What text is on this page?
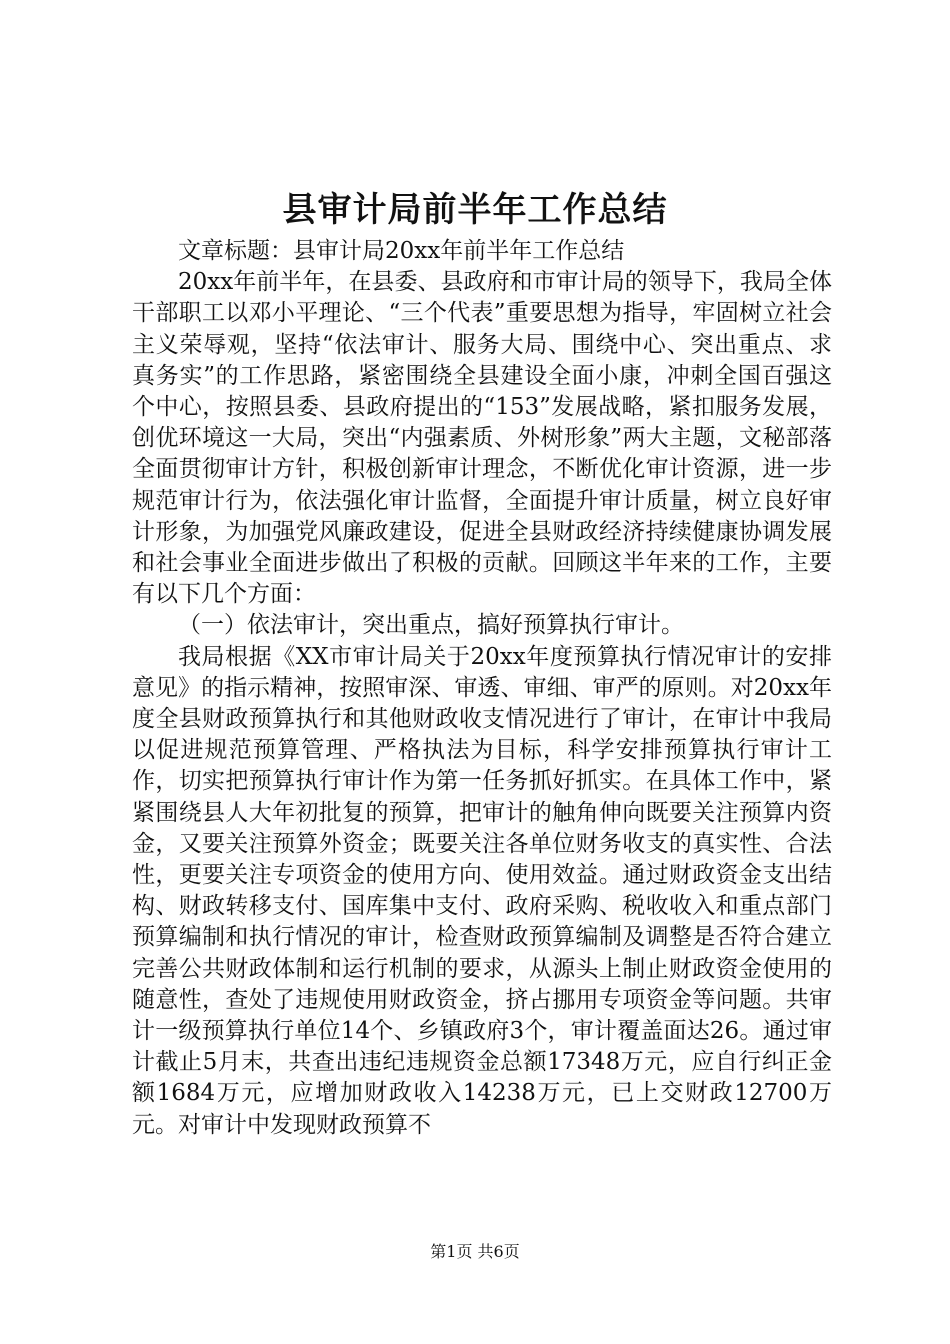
县审计局前半年工作总结

文章标题：县审计局20xx年前半年工作总结

20xx年前半年，在县委、县政府和市审计局的领导下，我局全体干部职工以邓小平理论、“三个代表”重要思想为指导，牢固树立社会主义荣辱观，坚持“依法审计、服务大局、围绕中心、突出重点、求真务实”的工作思路，紧密围绕全县建设全面小康，冲刺全国百强这个中心，按照县委、县政府提出的“153”发展战略，紧扣服务发展，创优环境这一大局，突出“内强素质、外树形象”两大主题，文秘部落全面贯彻审计方针，积极创新审计理念，不断优化审计资源，进一步规范审计行为，依法强化审计监督，全面提升审计质量，树立良好审计形象，为加强党风廉政建设，促进全县财政经济持续健康协调发展和社会事业全面进步做出了积极的贡献。回顾这半年来的工作，主要有以下几个方面：

（一）依法审计，突出重点，搞好预算执行审计。

我局根据《XX市审计局关于20xx年度预算执行情况审计的安排意见》的指示精神，按照审深、审透、审细、审严的原则。对20xx年度全县财政预算执行和其他财政收支情况进行了审计，在审计中我局以促进规范预算管理、严格执法为目标，科学安排预算执行审计工作，切实把预算执行审计作为第一任务抓好抓实。在具体工作中，紧紧围绕县人大年初批复的预算，把审计的触角伸向既要关注预算内资金，又要关注预算外资金；既要关注各单位财务收支的真实性、合法性，更要关注专项资金的使用方向、使用效益。通过财政资金支出结构、财政转移支付、国库集中支付、政府采购、税收收入和重点部门预算编制和执行情况的审计，检查财政预算编制及调整是否符合建立完善公共财政体制和运行机制的要求，从源头上制止财政资金使用的随意性，查处了违规使用财政资金，挤占挪用专项资金等问题。共审计一级预算执行单位14个、乡镇政府3个，审计覆盖面达26。通过审计截止5月末，共查出违纪违规资金总额17348万元，应自行纠正金额1684万元，应增加财政收入14238万元，已上交财政12700万元。对审计中发现财政预算不

第1页 共6页
